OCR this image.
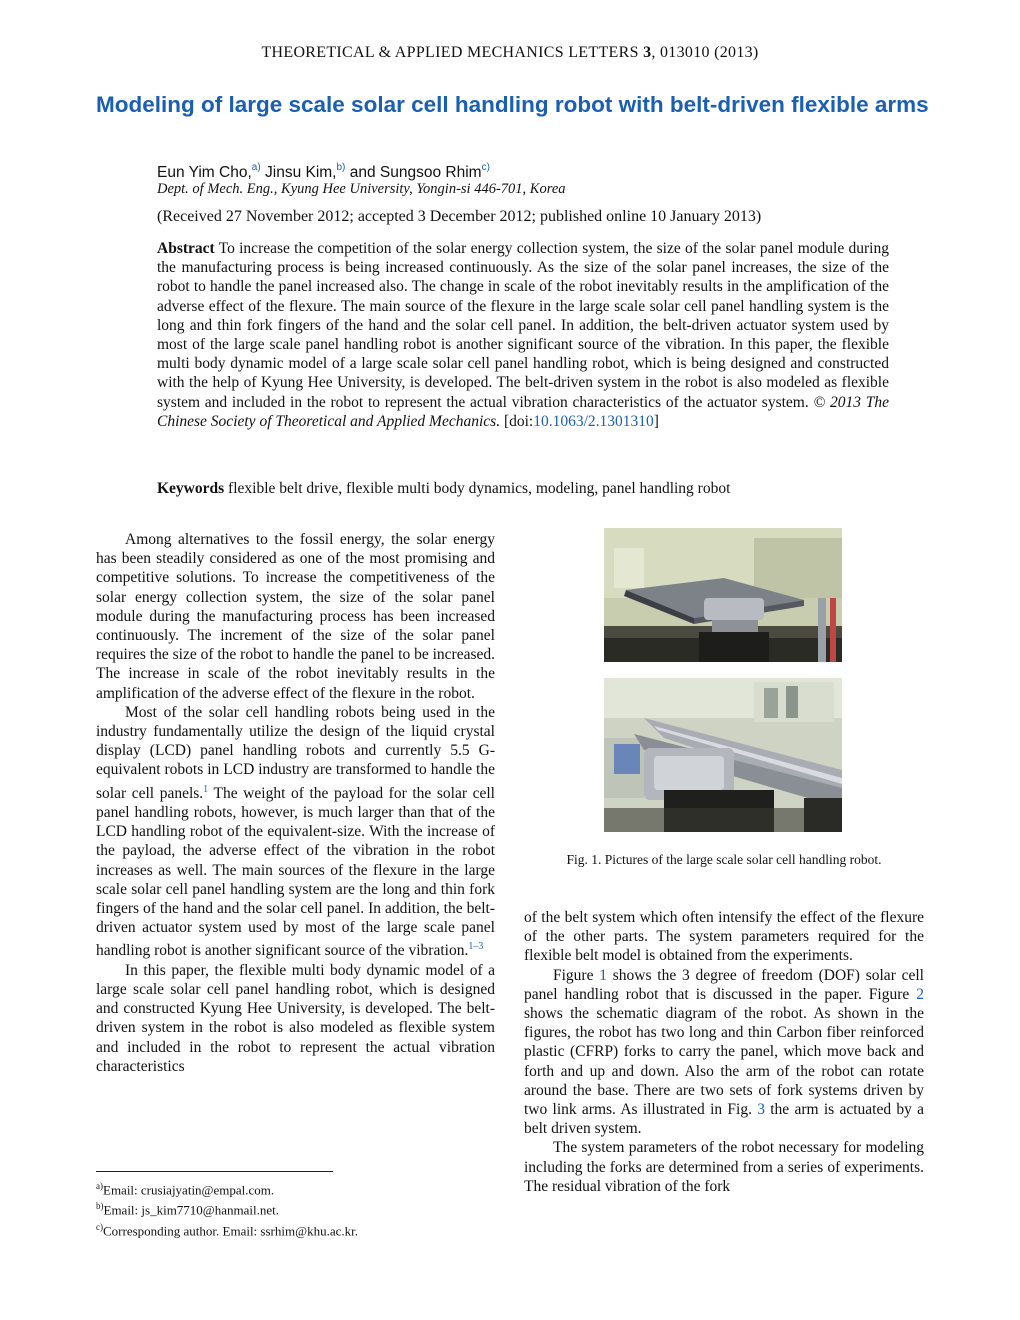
THEORETICAL & APPLIED MECHANICS LETTERS 3, 013010 (2013)
Modeling of large scale solar cell handling robot with belt-driven flexible arms
Eun Yim Cho,$^{a)}$ Jinsu Kim,$^{b)}$ and Sungsoo Rhim$^{c)}$
Dept. of Mech. Eng., Kyung Hee University, Yongin-si 446-701, Korea
(Received 27 November 2012; accepted 3 December 2012; published online 10 January 2013)
Abstract To increase the competition of the solar energy collection system, the size of the solar panel module during the manufacturing process is being increased continuously. As the size of the solar panel increases, the size of the robot to handle the panel increased also. The change in scale of the robot inevitably results in the amplification of the adverse effect of the flexure. The main source of the flexure in the large scale solar cell panel handling system is the long and thin fork fingers of the hand and the solar cell panel. In addition, the belt-driven actuator system used by most of the large scale panel handling robot is another significant source of the vibration. In this paper, the flexible multi body dynamic model of a large scale solar cell panel handling robot, which is being designed and constructed with the help of Kyung Hee University, is developed. The belt-driven system in the robot is also modeled as flexible system and included in the robot to represent the actual vibration characteristics of the actuator system. © 2013 The Chinese Society of Theoretical and Applied Mechanics. [doi:10.1063/2.1301310]
Keywords flexible belt drive, flexible multi body dynamics, modeling, panel handling robot

Among alternatives to the fossil energy, the solar energy has been steadily considered as one of the most promising and competitive solutions. To increase the competitiveness of the solar energy collection system, the size of the solar panel module during the manufacturing process has been increased continuously. The increment of the size of the solar panel requires the size of the robot to handle the panel to be increased. The increase in scale of the robot inevitably results in the amplification of the adverse effect of the flexure in the robot.

Most of the solar cell handling robots being used in the industry fundamentally utilize the design of the liquid crystal display (LCD) panel handling robots and currently 5.5 G-equivalent robots in LCD industry are transformed to handle the solar cell panels.$^1$ The weight of the payload for the solar cell panel handling robots, however, is much larger than that of the LCD handling robot of the equivalent-size. With the increase of the payload, the adverse effect of the vibration in the robot increases as well. The main sources of the flexure in the large scale solar cell panel handling system are the long and thin fork fingers of the hand and the solar cell panel. In addition, the belt-driven actuator system used by most of the large scale panel handling robot is another significant source of the vibration.$^{1-3}$

In this paper, the flexible multi body dynamic model of a large scale solar cell panel handling robot, which is designed and constructed Kyung Hee University, is developed. The belt-driven system in the robot is also modeled as flexible system and included in the robot to represent the actual vibration characteristics

Fig. 1. Pictures of the large scale solar cell handling robot.

of the belt system which often intensify the effect of the flexure of the other parts. The system parameters required for the flexible belt model is obtained from the experiments.

Figure 1 shows the 3 degree of freedom (DOF) solar cell panel handling robot that is discussed in the paper. Figure 2 shows the schematic diagram of the robot. As shown in the figures, the robot has two long and thin Carbon fiber reinforced plastic (CFRP) forks to carry the panel, which move back and forth and up and down. Also the arm of the robot can rotate around the base. There are two sets of fork systems driven by two link arms. As illustrated in Fig. 3 the arm is actuated by a belt driven system.

The system parameters of the robot necessary for modeling including the forks are determined from a series of experiments. The residual vibration of the fork

$^{a)}$Email: crusiajyatin@empal.com.
$^{b)}$Email: js_kim7710@hanmail.net.
$^{c)}$Corresponding author. Email: ssrhim@khu.ac.kr.
